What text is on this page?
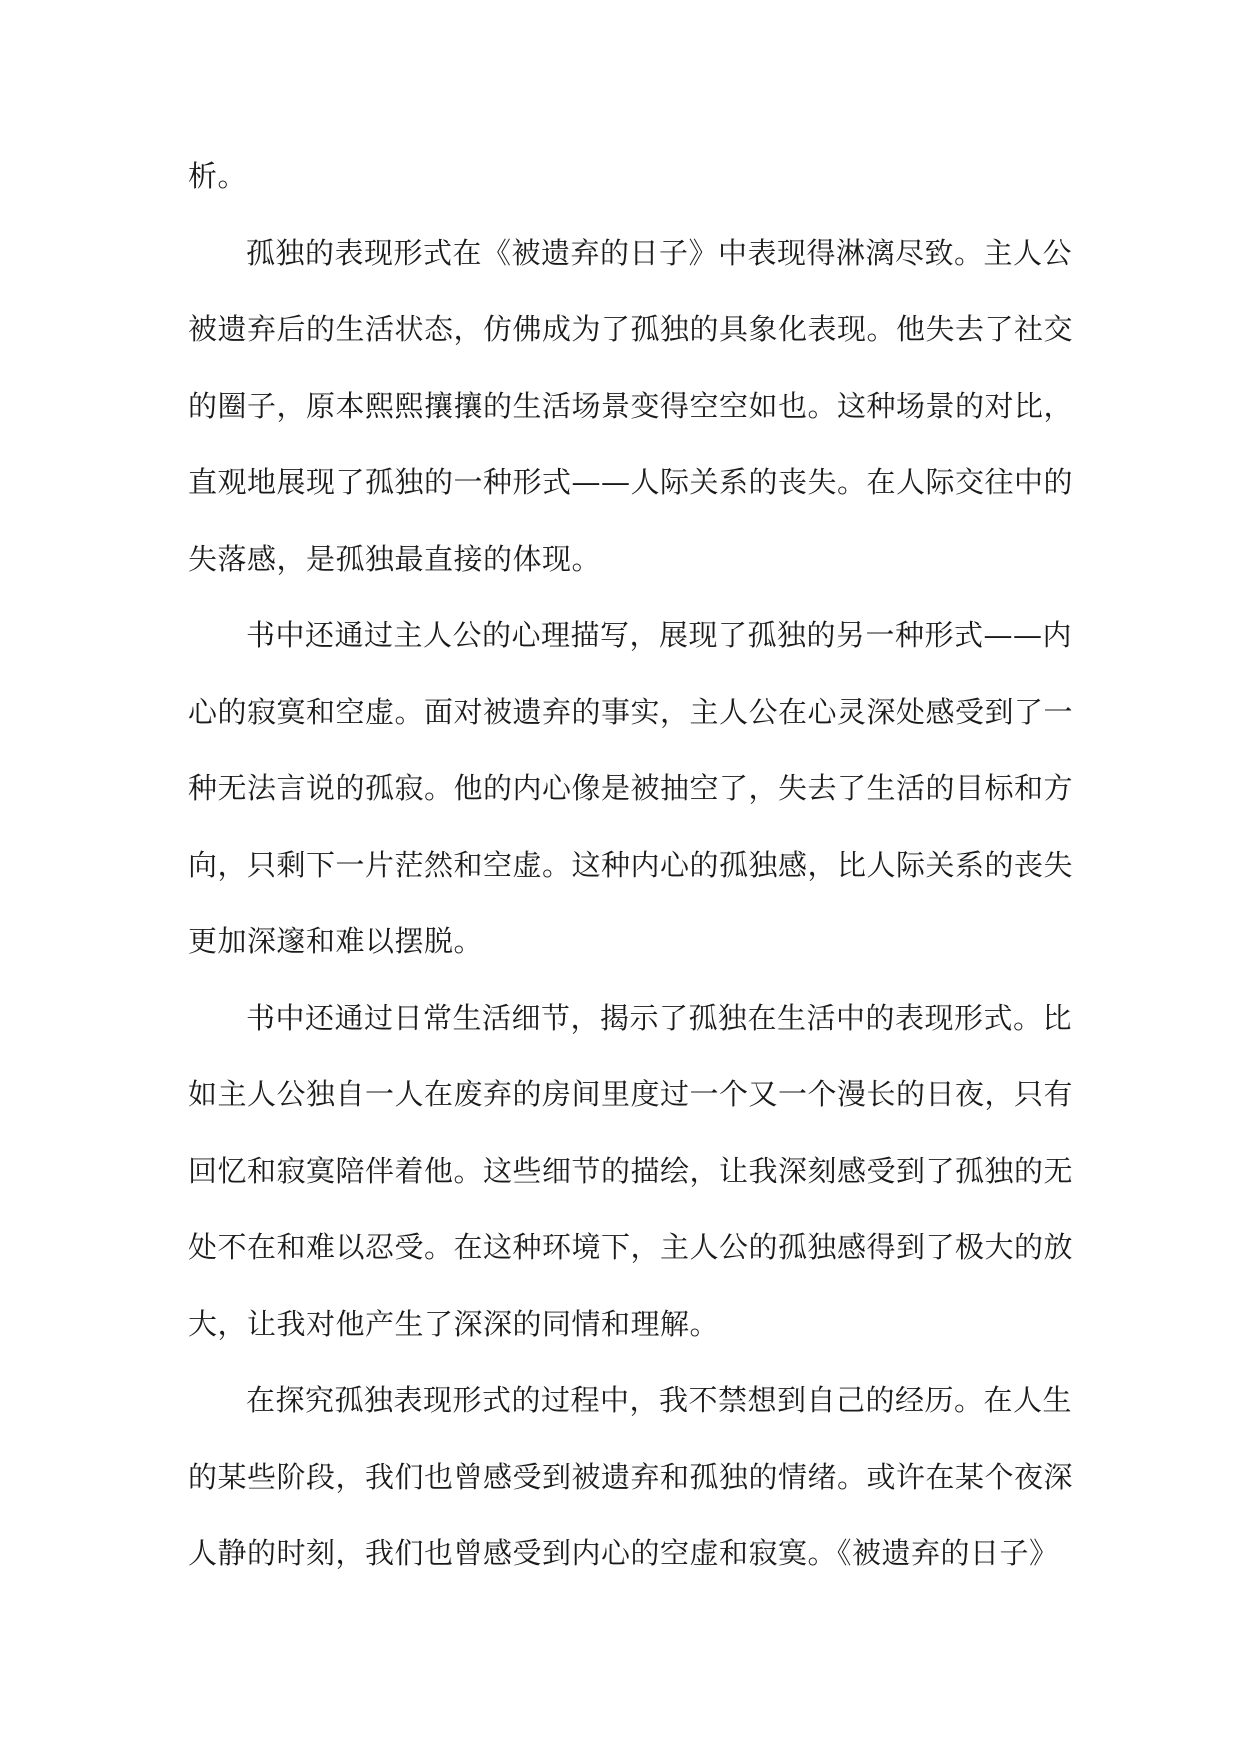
析。
孤独的表现形式在《被遗弃的日子》中表现得淋漓尽致。主人公
被遗弃后的生活状态，仿佛成为了孤独的具象化表现。他失去了社交
的圈子，原本熙熙攘攘的生活场景变得空空如也。这种场景的对比，
直观地展现了孤独的一种形式——人际关系的丧失。在人际交往中的
失落感，是孤独最直接的体现。
书中还通过主人公的心理描写，展现了孤独的另一种形式——内
心的寂寞和空虚。面对被遗弃的事实，主人公在心灵深处感受到了一
种无法言说的孤寂。他的内心像是被抽空了，失去了生活的目标和方
向，只剩下一片茫然和空虚。这种内心的孤独感，比人际关系的丧失
更加深邃和难以摆脱。
书中还通过日常生活细节，揭示了孤独在生活中的表现形式。比
如主人公独自一人在废弃的房间里度过一个又一个漫长的日夜，只有
回忆和寂寞陪伴着他。这些细节的描绘，让我深刻感受到了孤独的无
处不在和难以忍受。在这种环境下，主人公的孤独感得到了极大的放
大，让我对他产生了深深的同情和理解。
在探究孤独表现形式的过程中，我不禁想到自己的经历。在人生
的某些阶段，我们也曾感受到被遗弃和孤独的情绪。或许在某个夜深
人静的时刻，我们也曾感受到内心的空虚和寂寞。《被遗弃的日子》
